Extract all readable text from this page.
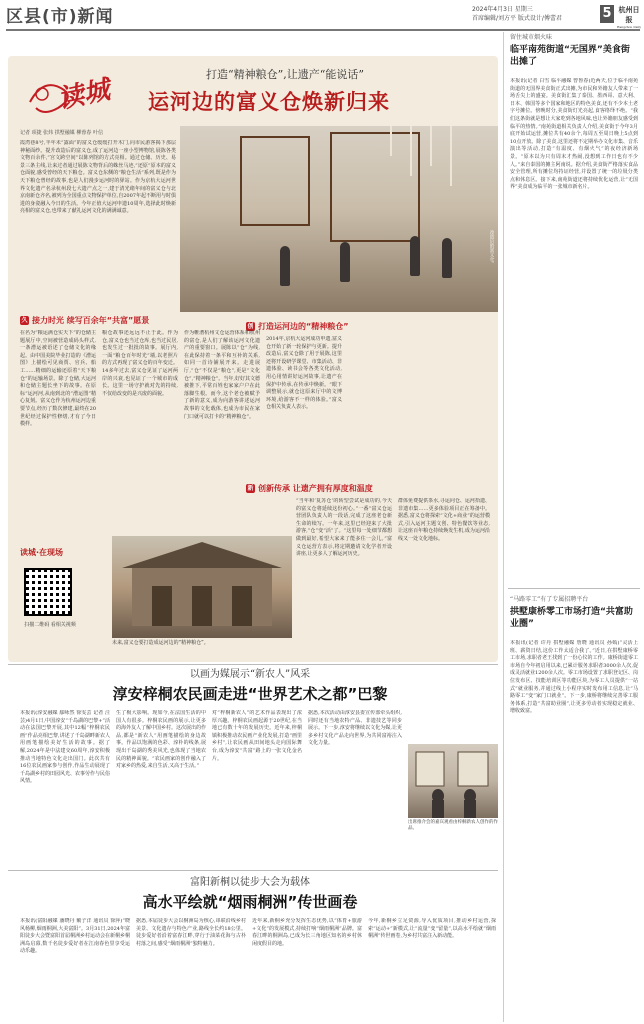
区县(市)新闻	2024年4月3日 星期三
首席编辑/刘方平 版式设计/傅蕾君	5 杭州日报
Hangzhou Daily
读城
打造“精神粮仓”,让遗产“能说话”
运河边的富义仓焕新归来
记者 项捷 张炜 拱墅融媒 柳蓉春 叶信
霞湾巷8号,半年未“露面”的富义仓缓缓打开木门,向市民游客揭下那层神秘面纱。提升改造后的富义仓,成了运河边一座小型博物馆,展陈各类文物百余件,“宫文跨空间”以陈列馆的方式亮相。通过仓储、历史、易景三条主线,让来过者通过展陈文物背后的蛛丝马迹,“还原”原本的富义仓面貌,感受曾经的天下粮仓。富义仓东侧的“粮仓生活”系列,既是作为天下粮仓曾经的故事,也是人们漫步运河时的驿站。作为京杭大运河世界文化遗产名录杭州段七大遗产点之一,建于清光绪年间的富义仓与北京南新仓齐名,被列为全国重点文物保护单位,自2007年起不断用与时俱进的身姿融入今日的生活。今年正值大运河申遗10周年,选择此时焕新亮相的富义仓,也带来了献礼运河文化的满满诚意。
改造后的富义仓。
久 接力时光 续写百余年“共富”愿景
创 打造运河边的“精神粮仓”
新 创新传承 让遗产拥有厚度和温度
在名为“粮运满仓实天下”的仓储主题展厅中,空间被营造成码头样式,一条漕运被语述了仓储文化的缘起。由中国美院毕业打造的《漕运图》上描绘可见商贾、官兵、船工……精细的运输还原着“天下粮仓”的运输场景。除了仓储,大运河和仓储主题长坐下的故事。在原标“运河河,从南到北的”漕运图”精心复刻。富义仓作为杭州运河边重要节点,经历了数次修建,最终在20世纪经过保护性修缮,才有了今日模样。
粮仓故事还远远不止于此。作为仓,富义仓也当过仓库,也当过民居,也发生过一批批的故事。展厅内,一面“粮仓百年时光”墙,以老照片的方式再现了富义仓的百年变迁。14多年过去,富义仓见证了运河两岸的兴衰,也见证了一个城市的成长。这里一场守护就对先的持续,不仅给改变的是兴废的面貌。
作为帷漕杭州文仓运营体系和杭州的富仓,是人们了解该运河文化遗产的重要窗口。展陈以“仓”为线,在此保持着一条平和互补的关系,如同一首诗铺展开来。走进展厅,“仓”不仅是“粮仓”,更是“文化仓”,“精神粮仓”。当年,好好其文德被推下,平常百姓也家家户户在此落脚生根。而今,这个老仓被赋予了新的意义,成为向游客讲述运河故事的文化载体,也成为市民在家门口就可以打卡的“精神粮仓”。
2014年,京杭大运河成功申遗,富义仓开始了新一轮保护与更新。提升改造后,富义仓除了用于展陈,这里还将开设研学课堂、市集活动、非遗体验、读书会等各类文化活动,用心用情讲好运河故事,让遗产在保护中传承,在传承中焕新。“眼下调整展示,就仓这原来厅中的文博环境,给游客不一样的体验。”富义仓相关负责人表示。
“当年和‘复苏仓’的转型尝试是成功的,今天的富义仓将延续这份初心。”一番“富义仓运营团队负责人的一段话,完成了这座老仓新生命的续写。一年来,这里已经迎来了大批游客,“仓”变“活”了。“这里每一处细节都想做到最好,希望大家来了能多住一会儿。”富义仓运营方表示,将定期邀请文化学者开设讲座,让更多人了解运河历史。
群体免费提供茶水,寻运问仓、运河拾遗、非遗市集……更多体验项目正在筹备中。据悉,富义仓将探索“文化+商业”的运营模式,引入运河主题文创、特色餐饮等业态,让这座百年粮仓持续焕发生机,成为运河沿线又一处文化地标。
读城·在现场
扫描二维码 看相关视频
未来,富义仓要打造成运河边的“精神粮仓”。
留住城市烟火味
临平南苑街道“无国界”美食街出摊了
本报讯(记者 白雪 临平融媒 曾鲁春)近两天,位于临平南苑街道的无国界美食街正式出摊,为市民和外籍友人带来了一场舌尖上的盛宴。美食街汇集了泰国、墨西哥、意大利、日本、韩国等多个国家和地区的特色美食,还有不少本土老字号摊位。傍晚时分,美食街灯光亮起,食客络绎不绝。“我们这条街就是想让大家吃到各地风味,也让外籍朋友感受到临平的热情。”南苑街道相关负责人介绍,美食街于今年3月底开始试运营,摊位共有40余个,每周五至周日晚上5点到10点开放。除了美食,这里还将不定期举办文化市集、音乐演出等活动,打造“有温度、有烟火气”的夜经济新场景。“原本以为只有周末才热闹,没想到工作日也有不少人。”来自泰国的摊主阿南说。据介绍,美食街严格落实食品安全管理,所有摊位均持证经营,并设置了统一的垃圾分类点和休息区。接下来,南苑街道还将持续优化运营,让“无国界”美食成为临平的一张城市新名片。
“马路零工”有了专属招聘平台
拱墅康桥零工市场打造“共富助业圈”
本报讯(记者 许丹 拱墅融媒 詹晓 通讯员 孙嫣)“灵活上班、薪资日结,这份工作太适合我了。”近日,在拱墅康桥零工市场,求职者老王找到了一份心仪的工作。康桥街道零工市场自今年初启用以来,已累计服务求职者3000余人次,促成灵活就业1200余人次。零工市场设置了求职登记区、岗位发布区、技能培训区等功能区块,为零工人员提供“一站式”就业服务,并通过线上小程序实时发布用工信息,让“马路零工”变“家门口就业”。下一步,康桥将继续完善零工服务体系,打造“共富助业圈”,让更多劳动者实现稳定就业、增收致富。
以画为媒展示“新农人”风采
淳安梓桐农民画走进“世界艺术之都”巴黎
本报讯(淳安融媒 鄢咏然 徐雯芸 记者 汪芸)4月1日,中国淳安“千岛湖的巴黎+”活动在法国巴黎开展,其中12幅“梓桐农民画”作品亮相巴黎,讲述了千岛湖畔新农人用画笔描绘美好生活的故事。据了解,2024年是中法建交60周年,淳安积极推动当地特色文化走出国门。此次共有16位农民画家参与创作,作品生动展现了千岛湖乡村的田园风光、农事劳作与民俗风情。
生了极大影响。现如今,在法国生活的中国人有很多。梓桐农民画的展示,让更多的海外友人了解中国乡村。这次展出的作品,都是“新农人”用画笔描绘的身边故事。作品以饱满的色彩、淳朴的线条,展现出千岛湖的秀美风光,也体现了当地农民的精神面貌。“农民画家的创作融入了对家乡的热爱,来自生活,又高于生活。”
对“梓桐新农人”的艺术作品表现出了浓厚兴趣。梓桐农民画起源于20世纪,在当地已有数十年的发展历史。近年来,梓桐镇积极推动农民画产业化发展,打造“画里乡村”,让农民画从田间地头走向国际舞台,成为淳安“共富”路上的一张文化金名片。
据悉,本次活动由淳安县委宣传部牵头组织,同时还有当地农特产品、非遗技艺等同步展示。下一步,淳安将继续以文化为媒,让更多乡村文化产品走向世界,为共同富裕注入文化力量。
出席推介会的嘉宾观看由梓桐新农人创作的作品。
富阳新桐以徒步大会为载体
高水平绘就“烟雨桐洲”传世画卷
本报讯(富阳融媒 潘晓丹 戴子洋 通讯员 徐萍)“晓风杨柳,烟雨桐洲,大美富阳”。3月31日,2024年富阳徒步大会暨富阳首届桐洲乡村运动会在新桐乡桐洲岛启幕,数千名徒步爱好者在江南春色里享受运动乐趣。
据悉,本届徒步大会以桐洲岛为核心,串联沿线乡村美景、文化遗存与特色产业,路线全长约18公里。徒步爱好者沿着富春江畔,穿行于油菜花海与古朴村落之间,感受“烟雨桐洲”独特魅力。
近年来,新桐乡充分发挥生态优势,以“体育+旅游+文化”的发展模式,持续打响“烟雨桐洲”品牌。富春江畔的桐洲岛,已成为长三角地区知名的乡村休闲度假目的地。
今年,新桐乡立足资源,导入优质项目,推动乡村运营,探索“运动+”新模式,让“流量”变“留量”,以高水平绘就“烟雨桐洲”传世画卷,为乡村共富注入新动能。
